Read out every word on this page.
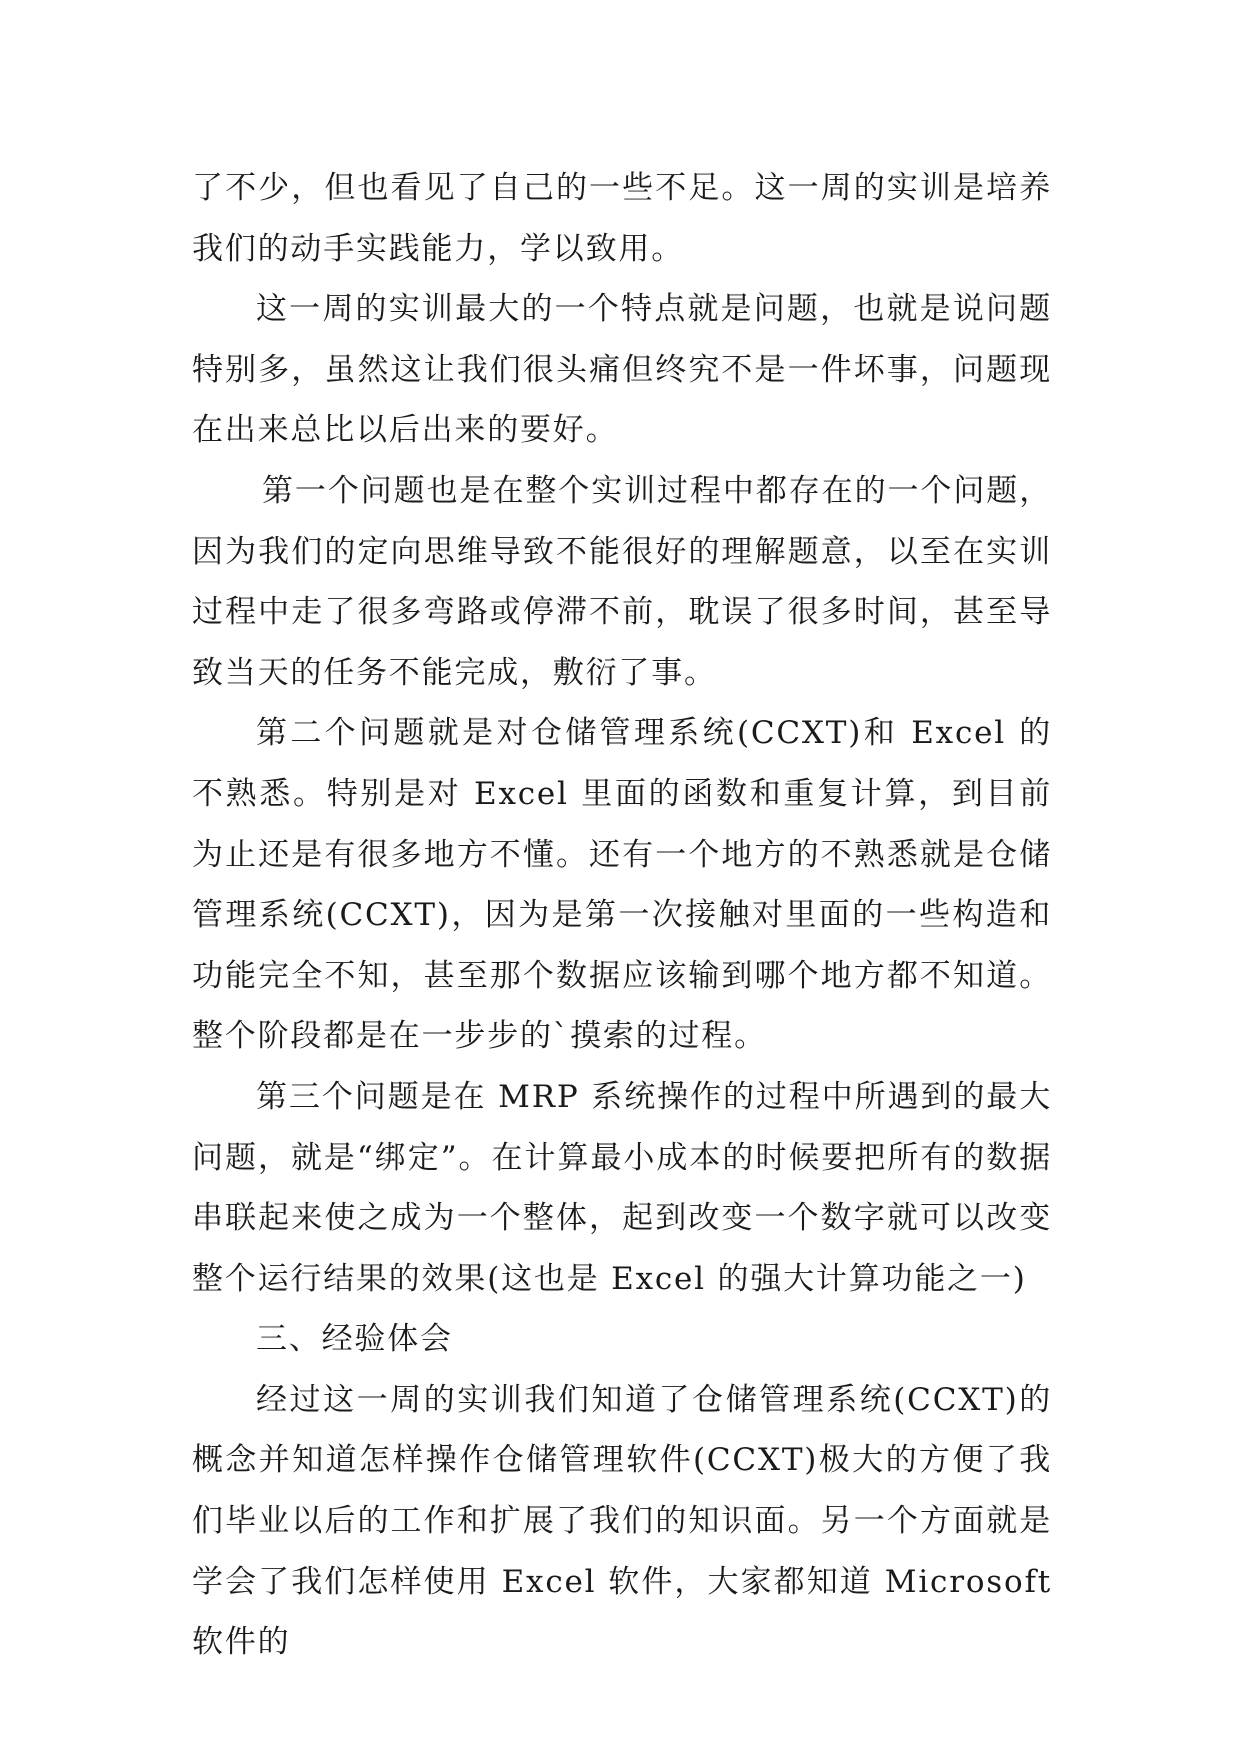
了不少，但也看见了自己的一些不足。这一周的实训是培养我们的动手实践能力，学以致用。

这一周的实训最大的一个特点就是问题，也就是说问题特别多，虽然这让我们很头痛但终究不是一件坏事，问题现在出来总比以后出来的要好。

第一个问题也是在整个实训过程中都存在的一个问题，因为我们的定向思维导致不能很好的理解题意，以至在实训过程中走了很多弯路或停滞不前，耽误了很多时间，甚至导致当天的任务不能完成，敷衍了事。

第二个问题就是对仓储管理系统(CCXT)和 Excel 的不熟悉。特别是对 Excel 里面的函数和重复计算，到目前为止还是有很多地方不懂。还有一个地方的不熟悉就是仓储管理系统(CCXT)，因为是第一次接触对里面的一些构造和功能完全不知，甚至那个数据应该输到哪个地方都不知道。整个阶段都是在一步步的`摸索的过程。

第三个问题是在 MRP 系统操作的过程中所遇到的最大问题，就是“绑定”。在计算最小成本的时候要把所有的数据串联起来使之成为一个整体，起到改变一个数字就可以改变整个运行结果的效果(这也是 Excel 的强大计算功能之一)

三、经验体会

经过这一周的实训我们知道了仓储管理系统(CCXT)的概念并知道怎样操作仓储管理软件(CCXT)极大的方便了我们毕业以后的工作和扩展了我们的知识面。另一个方面就是学会了我们怎样使用 Excel 软件，大家都知道 Microsoft 软件的
